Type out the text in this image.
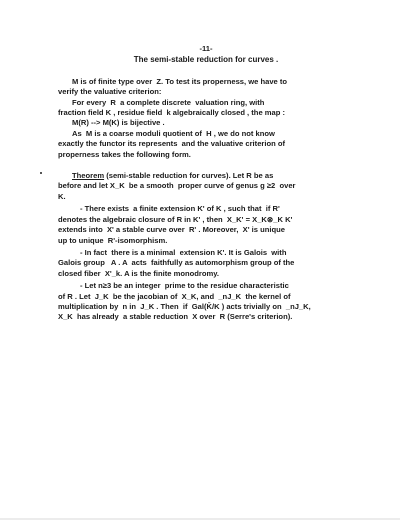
-11-
The semi-stable reduction for curves .
M is of finite type over  Z. To test its properness, we have to
verify the valuative criterion:
For every  R  a complete discrete  valuation ring, with
fraction field K , residue field  k algebraically closed , the map :
M(R) --> M(K) is bijective .
As  M is a coarse moduli quotient of  H , we do not know
exactly the functor its represents  and the valuative criterion of
properness takes the following form.
Theorem (semi-stable reduction for curves). Let R be as
before and let X_K  be a smooth  proper curve of genus g ≥2  over
K.
- There exists  a finite extension K' of K , such that  if R'
denotes the algebraic closure of R in K' , then  X_K' = X_K⊗_K K'
extends into  X' a stable curve over  R' . Moreover,  X' is unique
up to unique  R'-isomorphism.
- In fact  there is a minimal  extension K'. It is Galois  with
Galois group   A . A  acts  faithfully as automorphism group of the
closed fiber  X'_k. A is the finite monodromy.
- Let n≥3 be an integer  prime to the residue characteristic
of R . Let  J_K  be the jacobian of  X_K, and  _nJ_K  the kernel of
multiplication by  n in  J_K . Then  if  Gal(K̄/K ) acts trivially on  _nJ_K,
X_K  has already  a stable reduction  X over  R (Serre's criterion).
